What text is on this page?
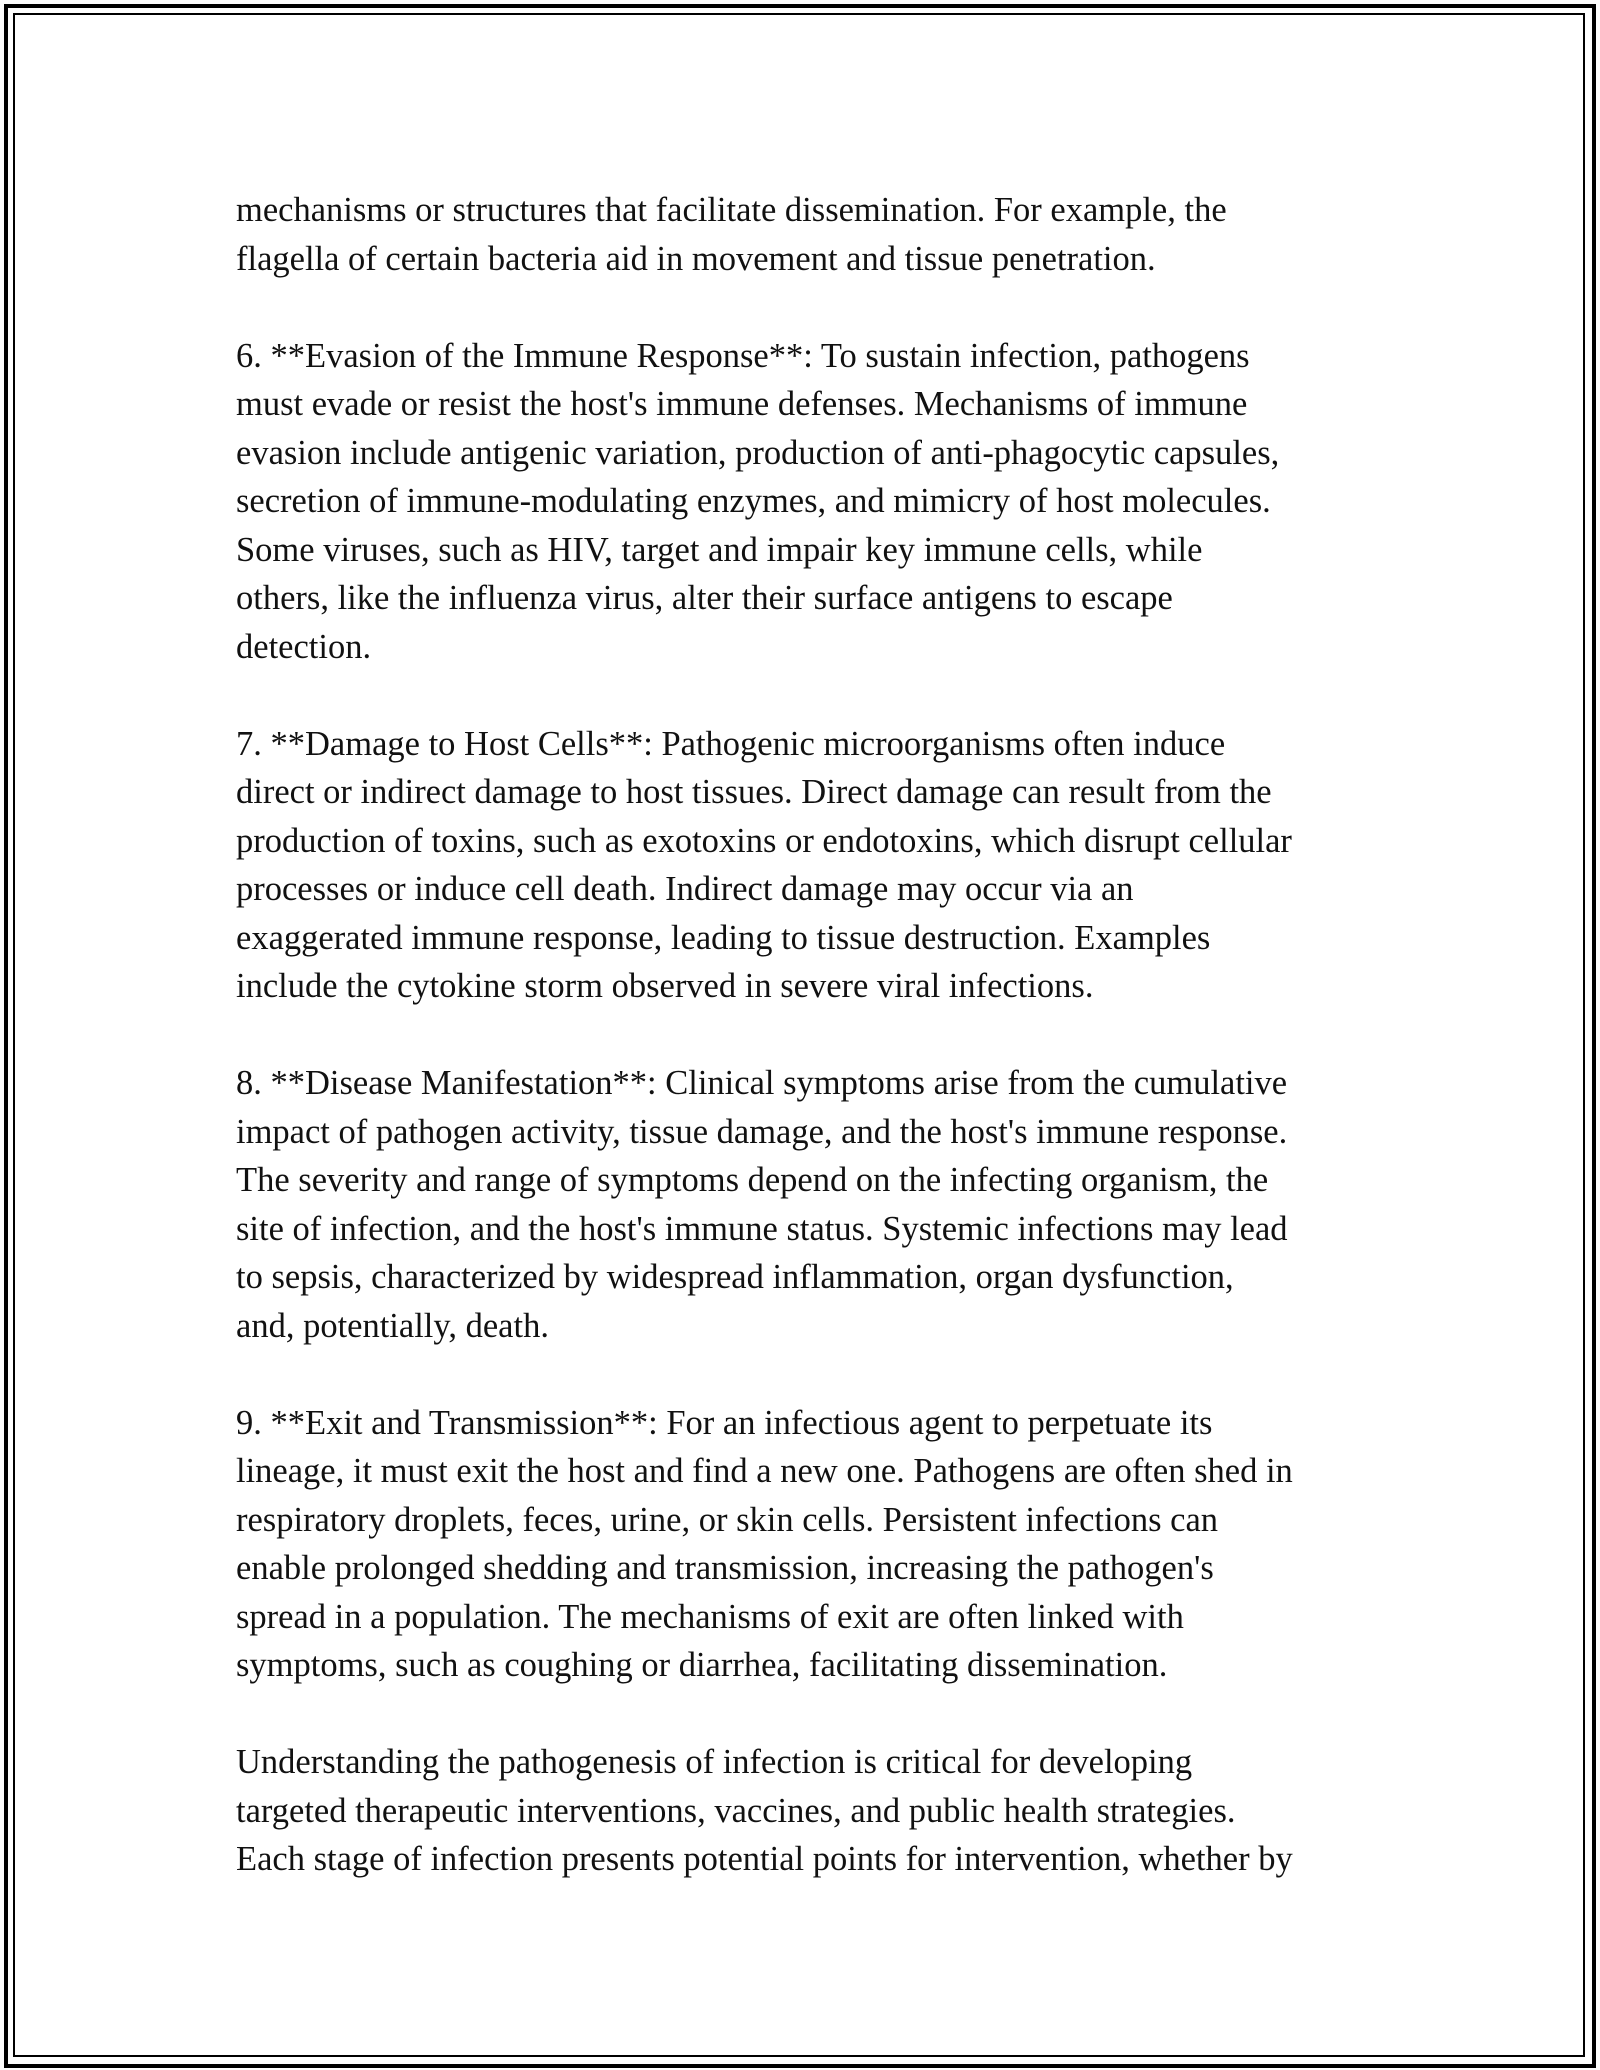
mechanisms or structures that facilitate dissemination. For example, the
flagella of certain bacteria aid in movement and tissue penetration.

6. **Evasion of the Immune Response**: To sustain infection, pathogens
must evade or resist the host's immune defenses. Mechanisms of immune
evasion include antigenic variation, production of anti-phagocytic capsules,
secretion of immune-modulating enzymes, and mimicry of host molecules.
Some viruses, such as HIV, target and impair key immune cells, while
others, like the influenza virus, alter their surface antigens to escape
detection.

7. **Damage to Host Cells**: Pathogenic microorganisms often induce
direct or indirect damage to host tissues. Direct damage can result from the
production of toxins, such as exotoxins or endotoxins, which disrupt cellular
processes or induce cell death. Indirect damage may occur via an
exaggerated immune response, leading to tissue destruction. Examples
include the cytokine storm observed in severe viral infections.

8. **Disease Manifestation**: Clinical symptoms arise from the cumulative
impact of pathogen activity, tissue damage, and the host's immune response.
The severity and range of symptoms depend on the infecting organism, the
site of infection, and the host's immune status. Systemic infections may lead
to sepsis, characterized by widespread inflammation, organ dysfunction,
and, potentially, death.

9. **Exit and Transmission**: For an infectious agent to perpetuate its
lineage, it must exit the host and find a new one. Pathogens are often shed in
respiratory droplets, feces, urine, or skin cells. Persistent infections can
enable prolonged shedding and transmission, increasing the pathogen's
spread in a population. The mechanisms of exit are often linked with
symptoms, such as coughing or diarrhea, facilitating dissemination.

Understanding the pathogenesis of infection is critical for developing
targeted therapeutic interventions, vaccines, and public health strategies.
Each stage of infection presents potential points for intervention, whether by
